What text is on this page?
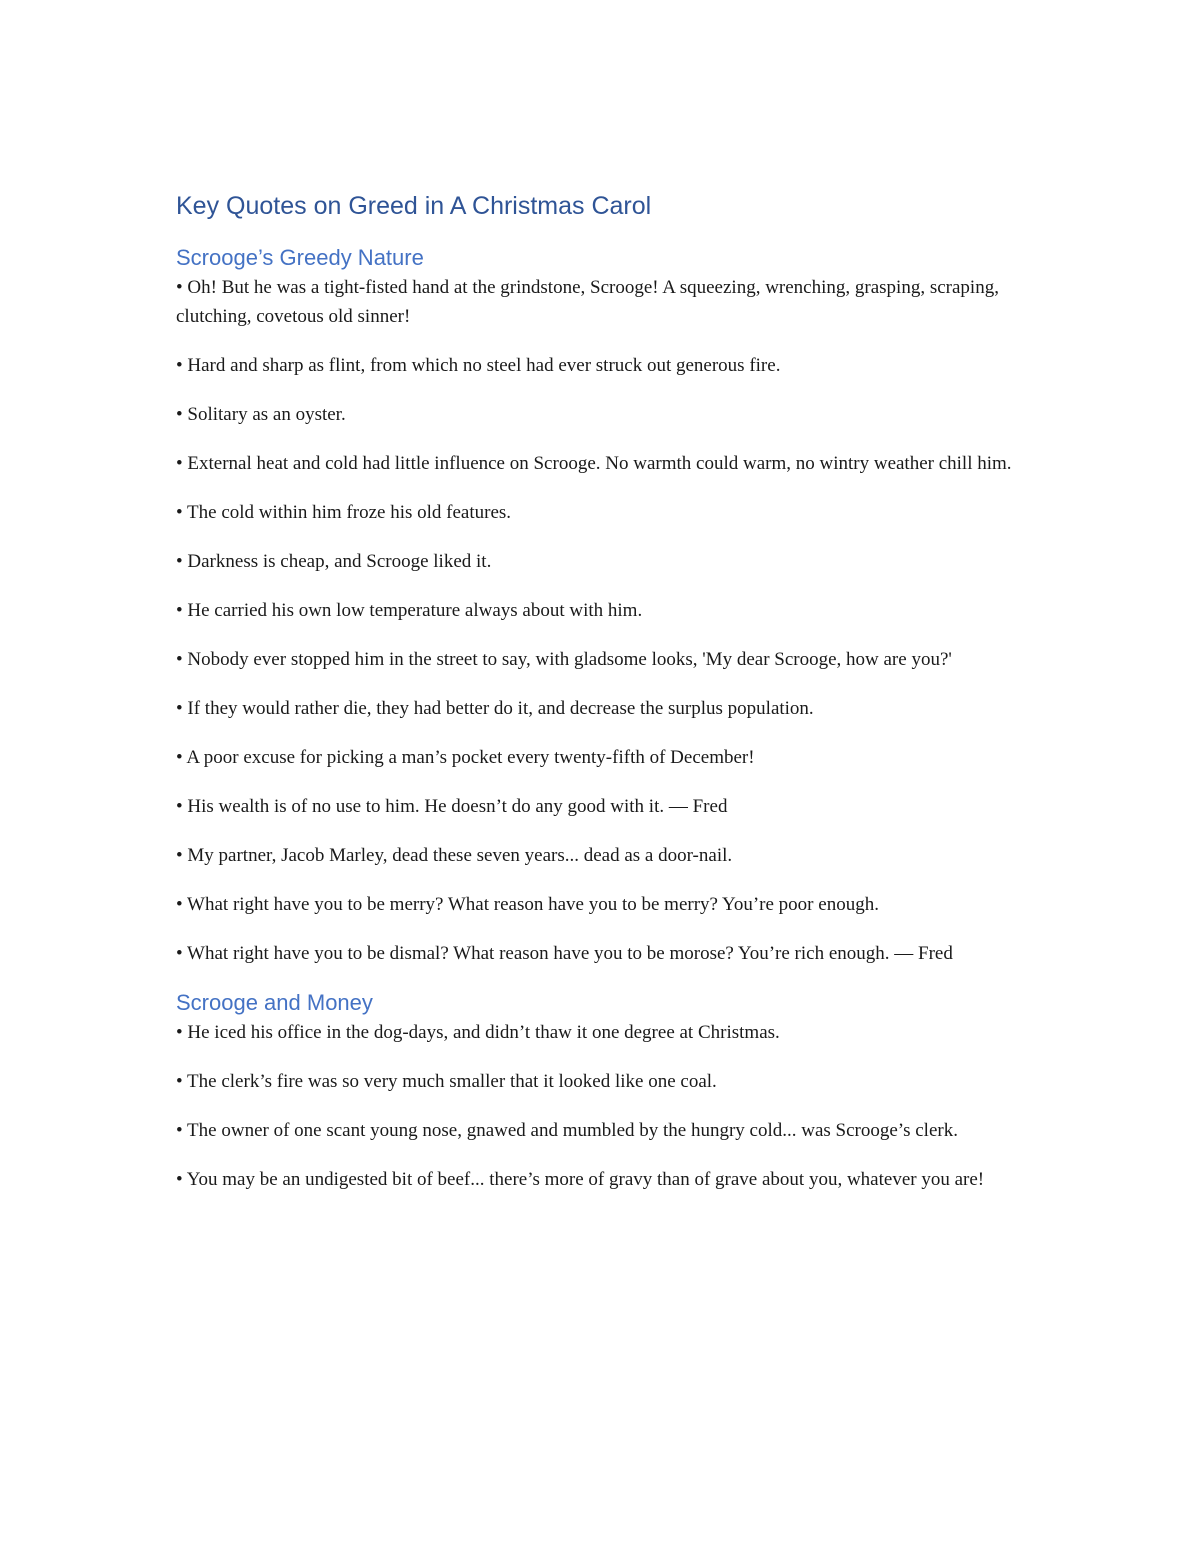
Key Quotes on Greed in A Christmas Carol
Scrooge’s Greedy Nature

• Oh! But he was a tight-fisted hand at the grindstone, Scrooge! A squeezing, wrenching, grasping, scraping, clutching, covetous old sinner!

• Hard and sharp as flint, from which no steel had ever struck out generous fire.

• Solitary as an oyster.

• External heat and cold had little influence on Scrooge. No warmth could warm, no wintry weather chill him.

• The cold within him froze his old features.

• Darkness is cheap, and Scrooge liked it.

• He carried his own low temperature always about with him.

• Nobody ever stopped him in the street to say, with gladsome looks, 'My dear Scrooge, how are you?'

• If they would rather die, they had better do it, and decrease the surplus population.

• A poor excuse for picking a man’s pocket every twenty-fifth of December!

• His wealth is of no use to him. He doesn’t do any good with it. — Fred

• My partner, Jacob Marley, dead these seven years... dead as a door-nail.

• What right have you to be merry? What reason have you to be merry? You’re poor enough.

• What right have you to be dismal? What reason have you to be morose? You’re rich enough. — Fred

Scrooge and Money

• He iced his office in the dog-days, and didn’t thaw it one degree at Christmas.

• The clerk’s fire was so very much smaller that it looked like one coal.

• The owner of one scant young nose, gnawed and mumbled by the hungry cold... was Scrooge’s clerk.

• You may be an undigested bit of beef... there’s more of gravy than of grave about you, whatever you are!
